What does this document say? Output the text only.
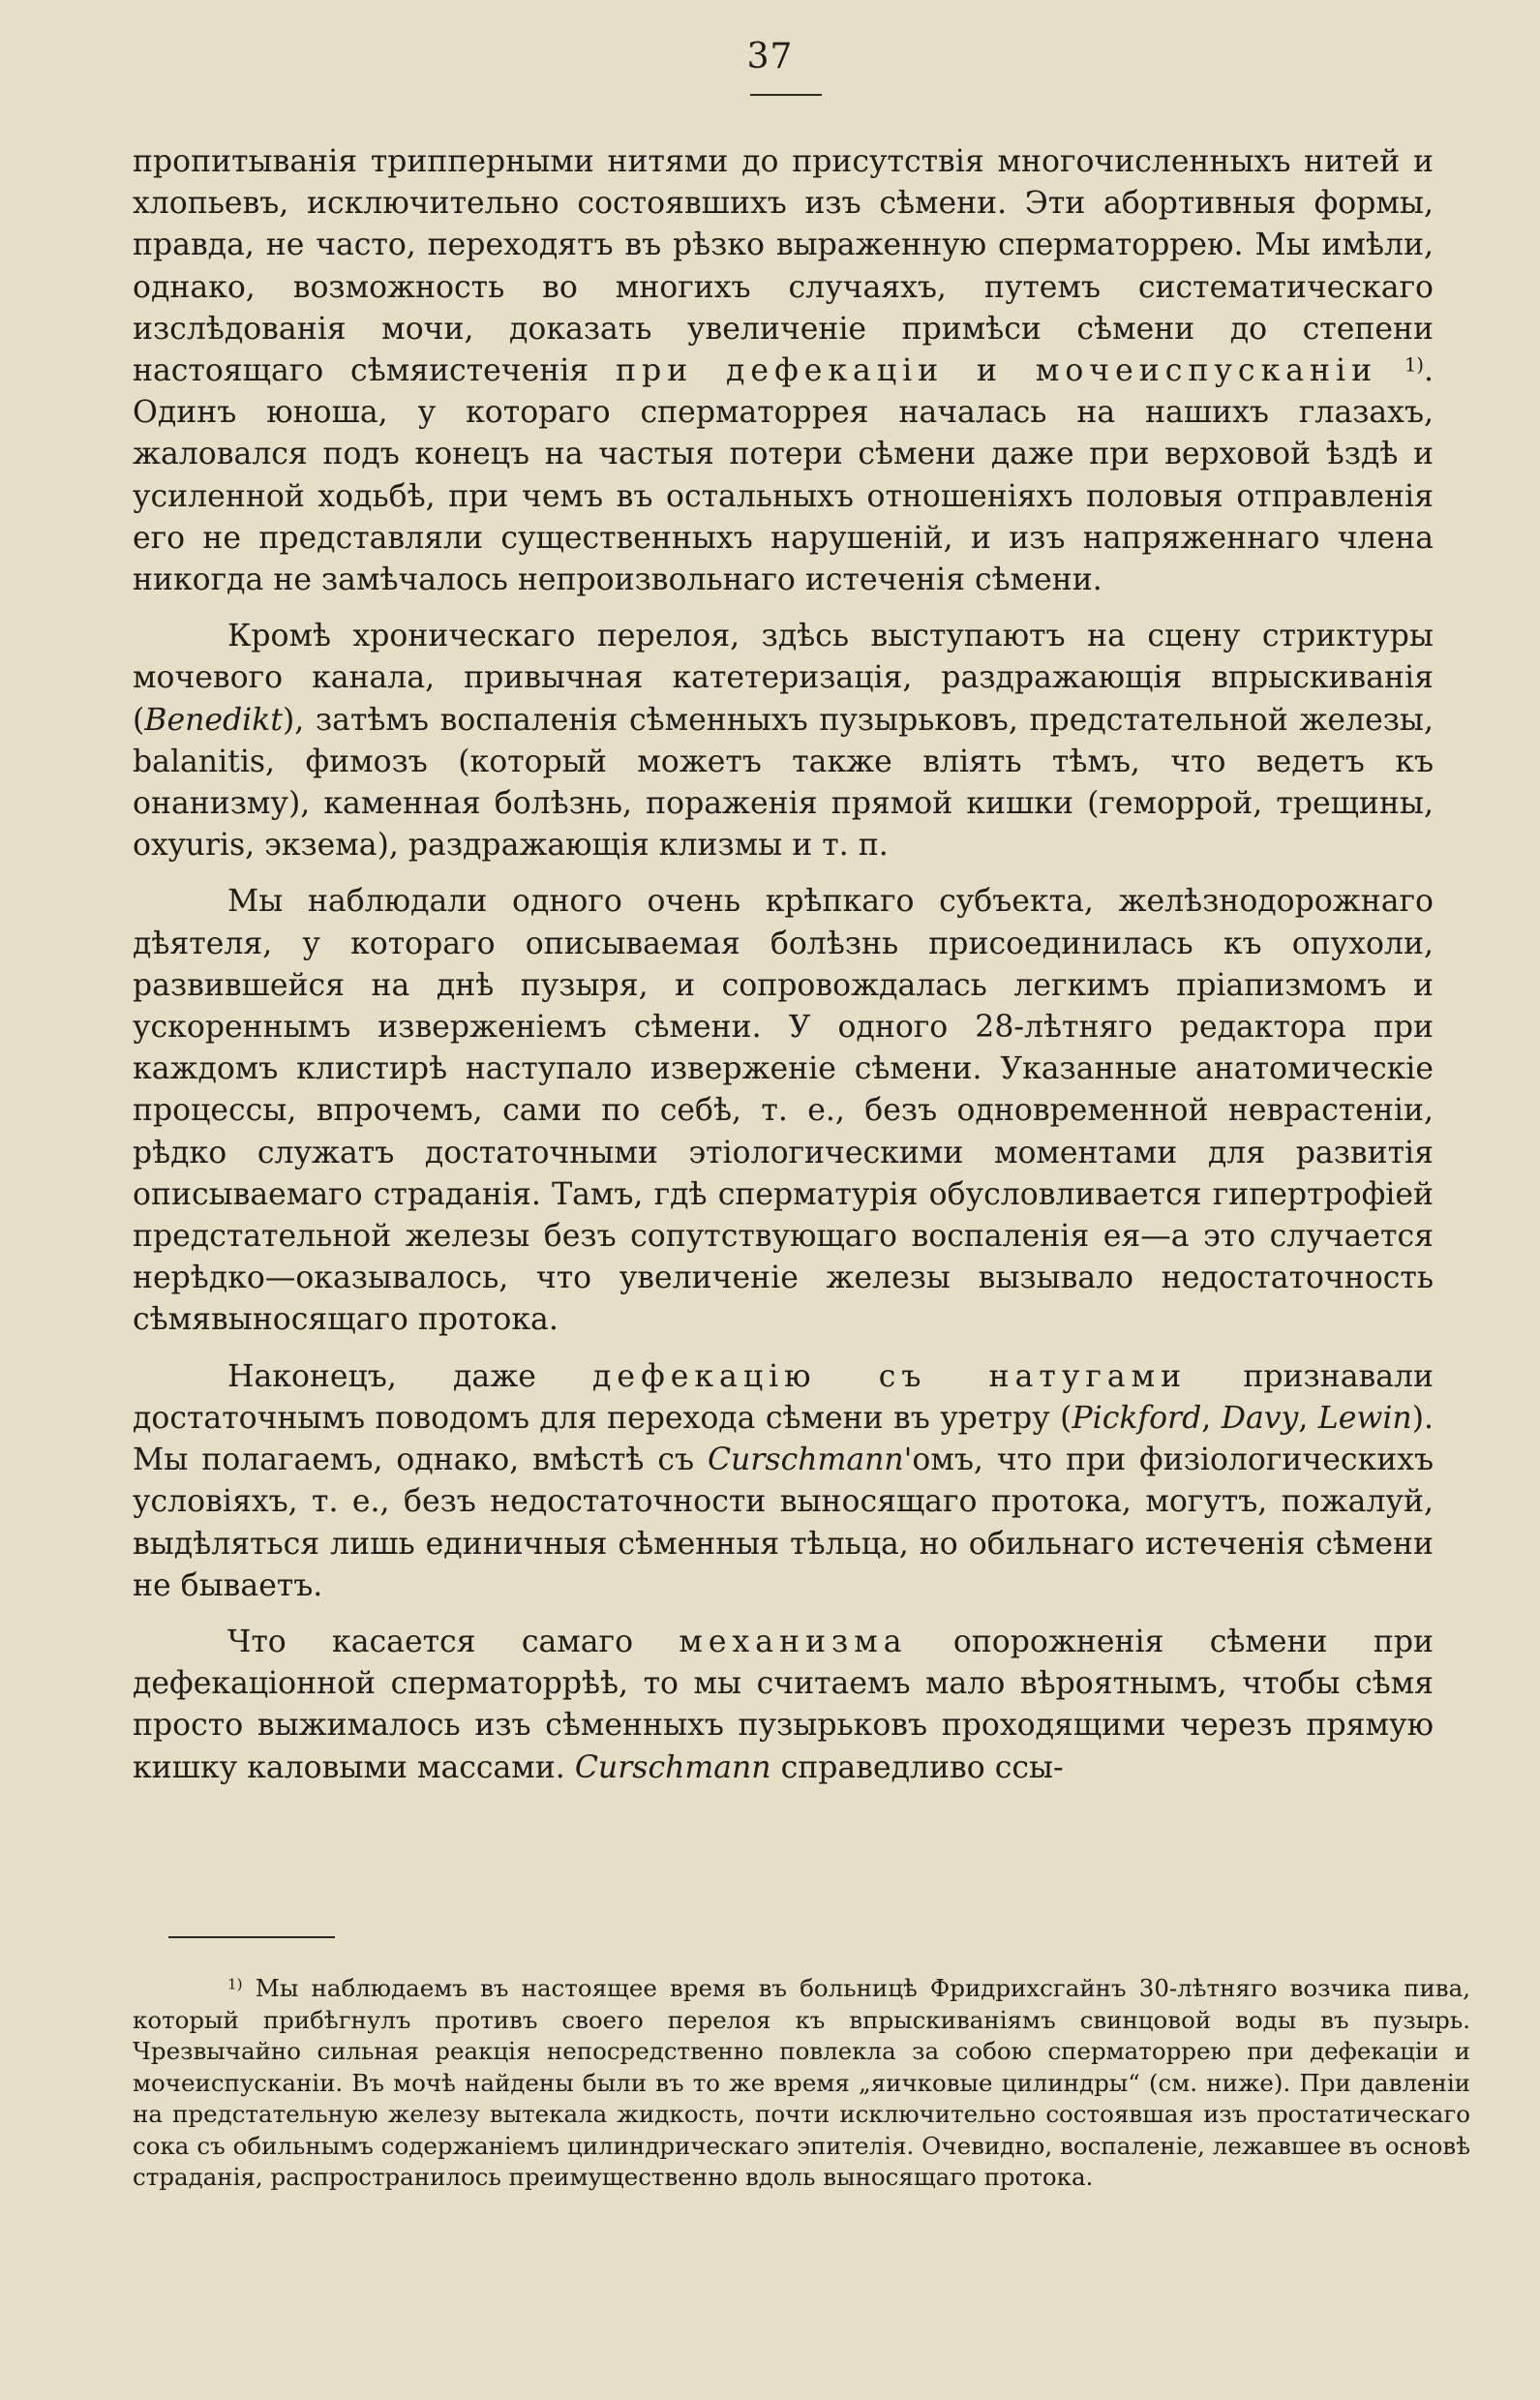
37

пропитыванія трипперными нитями до присутствія многочисленныхъ нитей и хлопьевъ, исключительно состоявшихъ изъ сѣмени. Эти абортивныя формы, правда, не часто, переходятъ въ рѣзко выраженную сперматоррею. Мы имѣли, однако, возможность во многихъ случаяхъ, путемъ систематическаго изслѣдованія мочи, доказать увеличеніе примѣси сѣмени до степени настоящаго сѣмяистеченія при дефекаціи и мочеиспусканіи $^{1)}$. Одинъ юноша, у котораго сперматоррея началась на нашихъ глазахъ, жаловался подъ конецъ на частыя потери сѣмени даже при верховой ѣздѣ и усиленной ходьбѣ, при чемъ въ остальныхъ отношеніяхъ половыя отправленія его не представляли существенныхъ нарушеній, и изъ напряженнаго члена никогда не замѣчалось непроизвольнаго истеченія сѣмени.

Кромѣ хроническаго перелоя, здѣсь выступаютъ на сцену стриктуры мочевого канала, привычная катетеризація, раздражающія впрыскиванія (Benedikt), затѣмъ воспаленія сѣменныхъ пузырьковъ, предстательной железы, balanitis, фимозъ (который можетъ также влiять тѣмъ, что ведетъ къ онанизму), каменная болѣзнь, пораженія прямой кишки (геморрой, трещины, oxyuris, экзема), раздражающія клизмы и т. п.

Мы наблюдали одного очень крѣпкаго субъекта, желѣзнодорожнаго дѣятеля, у котораго описываемая болѣзнь присоединилась къ опухоли, развившейся на днѣ пузыря, и сопровождалась легкимъ пріапизмомъ и ускореннымъ изверженіемъ сѣмени. У одного 28-лѣтняго редактора при каждомъ клистирѣ наступало изверженіе сѣмени. Указанные анатомическіе процессы, впрочемъ, сами по себѣ, т. е., безъ одновременной неврастеніи, рѣдко служатъ достаточными этіологическими моментами для развитія описываемаго страданія. Тамъ, гдѣ сперматурія обусловливается гипертрофіей предстательной железы безъ сопутствующаго воспаленія ея—а это случается нерѣдко—оказывалось, что увеличеніе железы вызывало недостаточность сѣмявыносящаго протока.

Наконецъ, даже дефекацію съ натугами признавали достаточнымъ поводомъ для перехода сѣмени въ уретру (Pickford, Davy, Lewin). Мы полагаемъ, однако, вмѣстѣ съ Curschmann'омъ, что при физіологическихъ условіяхъ, т. е., безъ недостаточности выносящаго протока, могутъ, пожалуй, выдѣляться лишь единичныя сѣменныя тѣльца, но обильнаго истеченія сѣмени не бываетъ.

Что касается самаго механизма опорожненія сѣмени при дефекаціонной сперматоррѣѣ, то мы считаемъ мало вѣроятнымъ, чтобы сѣмя просто выжималось изъ сѣменныхъ пузырьковъ проходящими черезъ прямую кишку каловыми массами. Curschmann справедливо ссы-

$^{1)}$ Мы наблюдаемъ въ настоящее время въ больницѣ Фридрихсгайнъ 30-лѣтняго возчика пива, который прибѣгнулъ противъ своего перелоя къ впрыскиваніямъ свинцовой воды въ пузырь. Чрезвычайно сильная реакція непосредственно повлекла за собою сперматоррею при дефекаціи и мочеиспусканіи. Въ мочѣ найдены были въ то же время „яичковые цилиндры“ (см. ниже). При давленіи на предстательную железу вытекала жидкость, почти исключительно состоявшая изъ простатическаго сока съ обильнымъ содержаніемъ цилиндрическаго эпителія. Очевидно, воспаленіе, лежавшее въ основѣ страданія, распространилось преимущественно вдоль выносящаго протока.
